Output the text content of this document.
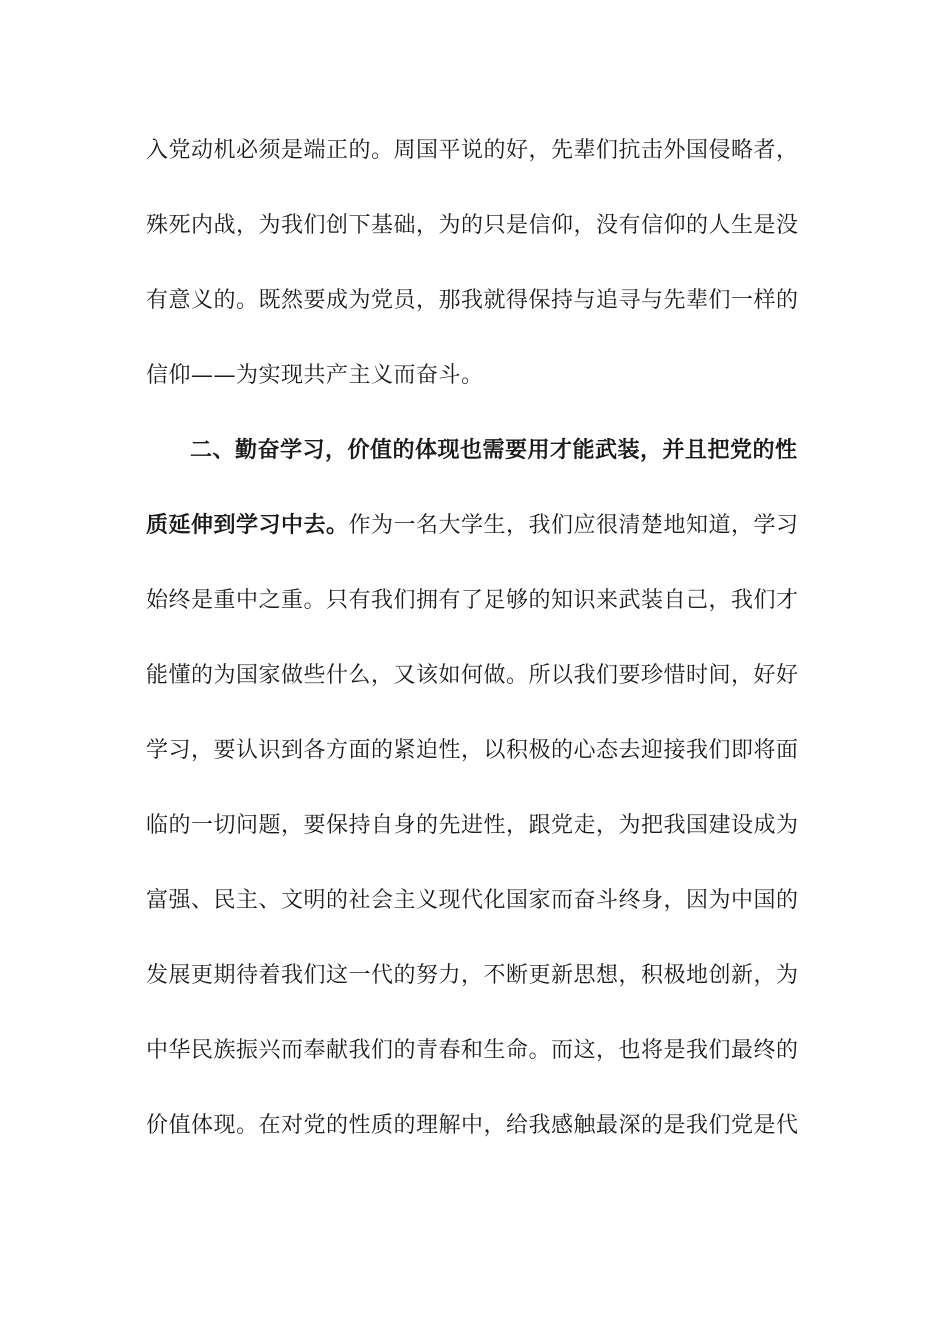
入党动机必须是端正的。周国平说的好，先辈们抗击外国侵略者，
殊死内战，为我们创下基础，为的只是信仰，没有信仰的人生是没
有意义的。既然要成为党员，那我就得保持与追寻与先辈们一样的
信仰——为实现共产主义而奋斗。
二、勤奋学习，价值的体现也需要用才能武装，并且把党的性
质延伸到学习中去。 作为一名大学生，我们应很清楚地知道，学习
始终是重中之重。只有我们拥有了足够的知识来武装自己，我们才
能懂的为国家做些什么，又该如何做。所以我们要珍惜时间，好好
学习，要认识到各方面的紧迫性，以积极的心态去迎接我们即将面
临的一切问题，要保持自身的先进性，跟党走，为把我国建设成为
富强、民主、文明的社会主义现代化国家而奋斗终身，因为中国的
发展更期待着我们这一代的努力，不断更新思想，积极地创新，为
中华民族振兴而奉献我们的青春和生命。而这，也将是我们最终的
价值体现。在对党的性质的理解中，给我感触最深的是我们党是代
